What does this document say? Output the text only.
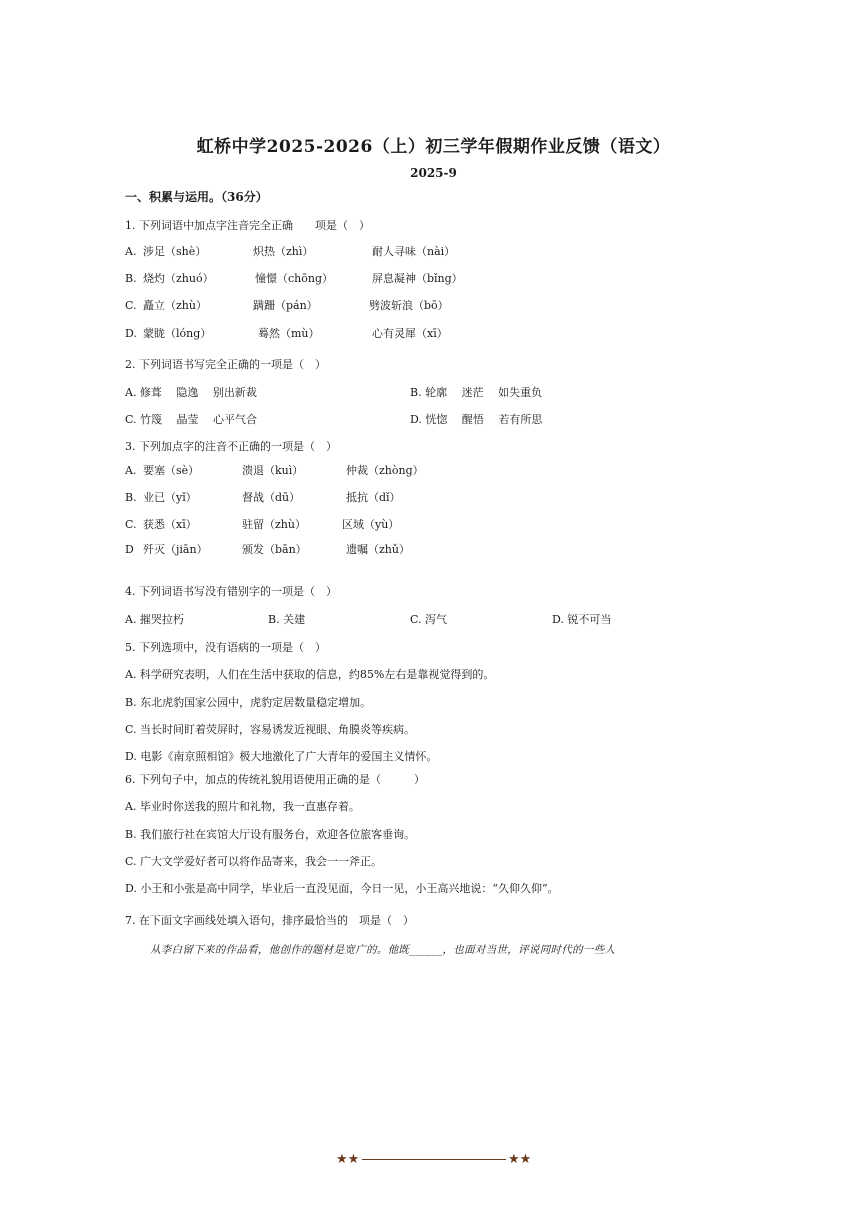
虹桥中学2025-2026（上）初三学年假期作业反馈（语文）
2025-9
一、积累与运用。（36分）
1. 下列词语中加点字注音完全正确　　项是（　）
A. 涉足（shè）	炽热（zhì）	耐人寻味（nài）
B. 烧灼（zhuó）	憧憬（chōng）	屏息凝神（bǐng）
C. 矗立（zhù）	蹒跚（pán）	劈波斩浪（bō）
D. 蒙眬（lóng）	蓦然（mù）	心有灵犀（xī）
2. 下列词语书写完全正确的一项是（　）
A. 修葺　 隐逸　 别出新裁	B. 轮廓　 迷茫　 如失重负
C. 竹篾　 晶莹　 心平气合	D. 恍惚　 醒悟　 若有所思
3. 下列加点字的注音不正确的一项是（　）
A. 要塞（sè）	溃退（kuì）	仲裁（zhòng）
B. 业已（yǐ）	督战（dū）	抵抗（dǐ）
C. 获悉（xī）	驻留（zhù）	区域（yù）
D 歼灭（jiān）	颁发（bān）	遗嘱（zhǔ）
4. 下列词语书写没有错别字的一项是（　）
A. 摧哭拉朽	B. 关建	C. 泻气	D. 锐不可当
5. 下列选项中，没有语病的一项是（　）
A. 科学研究表明，人们在生活中获取的信息，约85%左右是靠视觉得到的。
B. 东北虎豹国家公园中，虎豹定居数量稳定增加。
C. 当长时间盯着荧屏时，容易诱发近视眼、角膜炎等疾病。
D. 电影《南京照相馆》极大地激化了广大青年的爱国主义情怀。
6. 下列句子中，加点的传统礼貌用语使用正确的是（　　　）
A. 毕业时你送我的照片和礼物，我一直惠存着。
B. 我们旅行社在宾馆大厅设有服务台，欢迎各位旅客垂询。
C. 广大文学爱好者可以将作品寄来，我会一一斧正。
D. 小王和小张是高中同学，毕业后一直没见面，今日一见，小王高兴地说：“久仰久仰”。
7. 在下面文字画线处填入语句，排序最恰当的　项是（　）
从李白留下来的作品看，他创作的题材是宽广的。他既______，也面对当世，评说同时代的一些人
★★	★★
